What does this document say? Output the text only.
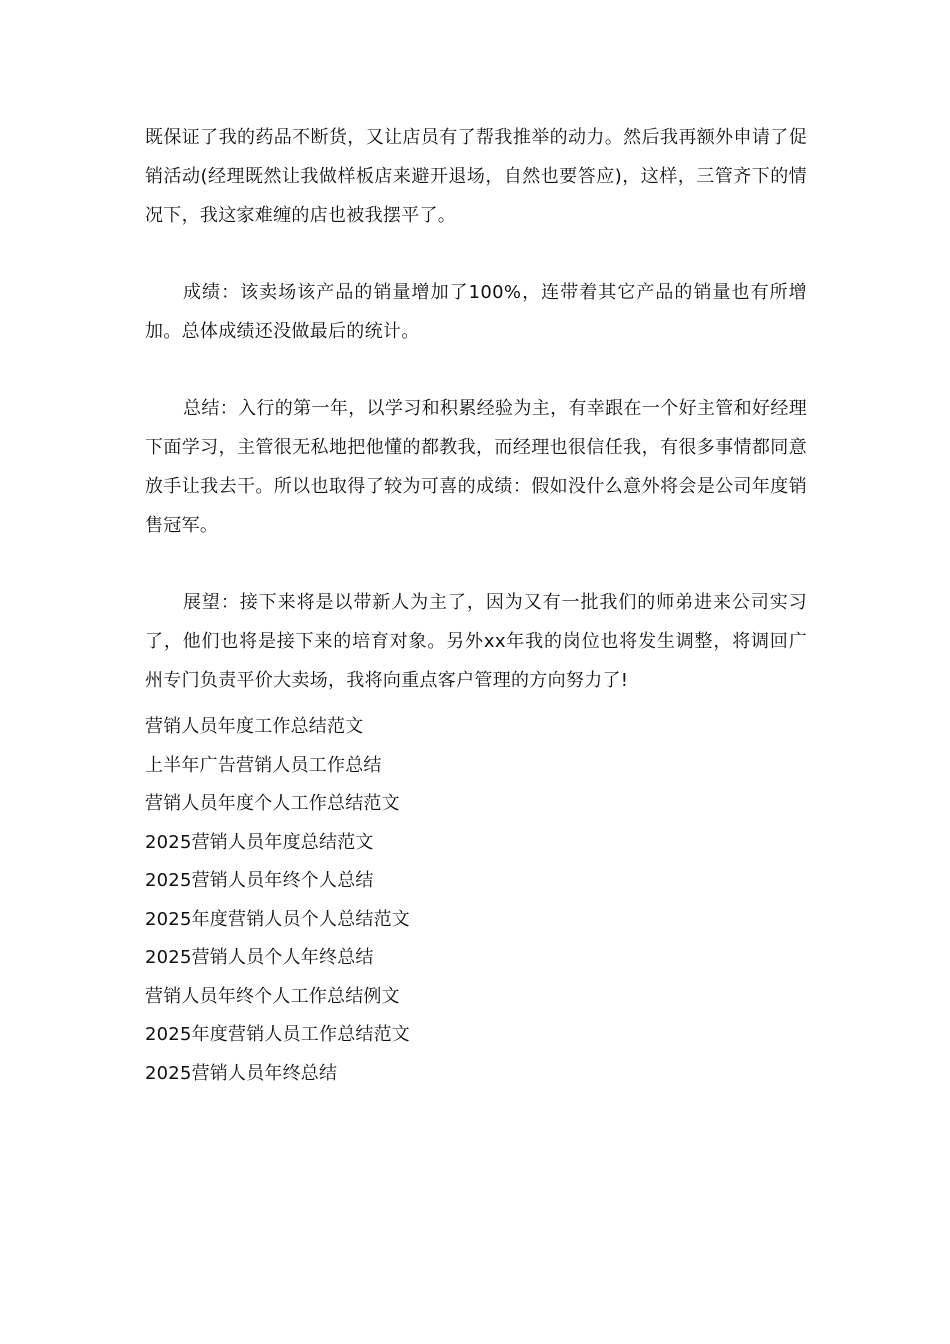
既保证了我的药品不断货，又让店员有了帮我推举的动力。然后我再额外申请了促销活动(经理既然让我做样板店来避开退场，自然也要答应)，这样，三管齐下的情况下，我这家难缠的店也被我摆平了。

成绩：该卖场该产品的销量增加了100%，连带着其它产品的销量也有所增加。总体成绩还没做最后的统计。

总结：入行的第一年，以学习和积累经验为主，有幸跟在一个好主管和好经理下面学习，主管很无私地把他懂的都教我，而经理也很信任我，有很多事情都同意放手让我去干。所以也取得了较为可喜的成绩：假如没什么意外将会是公司年度销售冠军。

展望：接下来将是以带新人为主了，因为又有一批我们的师弟进来公司实习了，他们也将是接下来的培育对象。另外xx年我的岗位也将发生调整，将调回广州专门负责平价大卖场，我将向重点客户管理的方向努力了!

营销人员年度工作总结范文
上半年广告营销人员工作总结
营销人员年度个人工作总结范文
2025营销人员年度总结范文
2025营销人员年终个人总结
2025年度营销人员个人总结范文
2025营销人员个人年终总结
营销人员年终个人工作总结例文
2025年度营销人员工作总结范文
2025营销人员年终总结
